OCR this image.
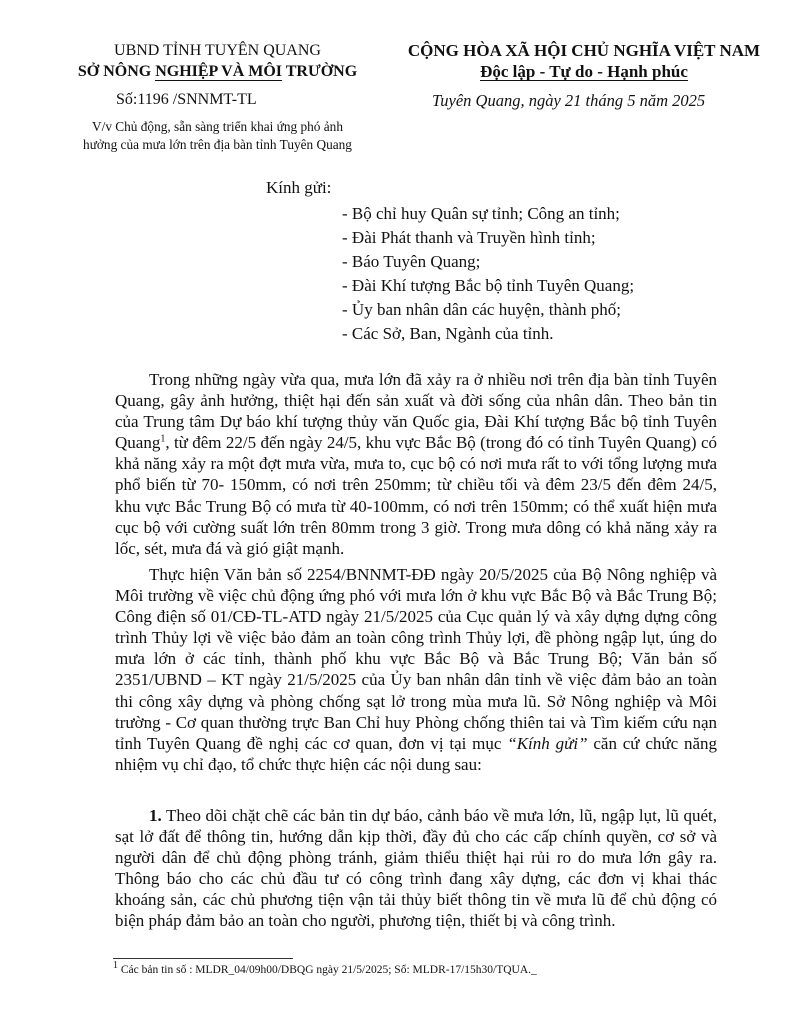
UBND TỈNH TUYÊN QUANG
SỞ NÔNG NGHIỆP VÀ MÔI TRƯỜNG
CỘNG HÒA XÃ HỘI CHỦ NGHĨA VIỆT NAM
Độc lập - Tự do - Hạnh phúc
Số:1196 /SNNMT-TL	Tuyên Quang, ngày 21 tháng 5 năm 2025
V/v Chủ động, sẵn sàng triển khai ứng phó ảnh
hưởng của mưa lớn trên địa bàn tỉnh Tuyên Quang
Kính gửi:
- Bộ chỉ huy Quân sự tỉnh; Công an tỉnh;
- Đài Phát thanh và Truyền hình tỉnh;
- Báo Tuyên Quang;
- Đài Khí tượng Bắc bộ tỉnh Tuyên Quang;
- Ủy ban nhân dân các huyện, thành phố;
- Các Sở, Ban, Ngành của tỉnh.

Trong những ngày vừa qua, mưa lớn đã xảy ra ở nhiều nơi trên địa bàn tỉnh Tuyên Quang, gây ảnh hưởng, thiệt hại đến sản xuất và đời sống của nhân dân. Theo bản tin của Trung tâm Dự báo khí tượng thủy văn Quốc gia, Đài Khí tượng Bắc bộ tỉnh Tuyên Quang$^1$, từ đêm 22/5 đến ngày 24/5, khu vực Bắc Bộ (trong đó có tỉnh Tuyên Quang) có khả năng xảy ra một đợt mưa vừa, mưa to, cục bộ có nơi mưa rất to với tổng lượng mưa phổ biến từ 70- 150mm, có nơi trên 250mm; từ chiều tối và đêm 23/5 đến đêm 24/5, khu vực Bắc Trung Bộ có mưa từ 40-100mm, có nơi trên 150mm; có thể xuất hiện mưa cục bộ với cường suất lớn trên 80mm trong 3 giờ. Trong mưa dông có khả năng xảy ra lốc, sét, mưa đá và gió giật mạnh.

Thực hiện Văn bản số 2254/BNNMT-ĐĐ ngày 20/5/2025 của Bộ Nông nghiệp và Môi trường về việc chủ động ứng phó với mưa lớn ở khu vực Bắc Bộ và Bắc Trung Bộ; Công điện số 01/CĐ-TL-ATD ngày 21/5/2025 của Cục quản lý và xây dựng dựng công trình Thủy lợi về việc bảo đảm an toàn công trình Thủy lợi, đề phòng ngập lụt, úng do mưa lớn ở các tỉnh, thành phố khu vực Bắc Bộ và Bắc Trung Bộ; Văn bản số 2351/UBND – KT ngày 21/5/2025 của Ủy ban nhân dân tỉnh về việc đảm bảo an toàn thi công xây dựng và phòng chống sạt lở trong mùa mưa lũ. Sở Nông nghiệp và Môi trường - Cơ quan thường trực Ban Chỉ huy Phòng chống thiên tai và Tìm kiếm cứu nạn tỉnh Tuyên Quang đề nghị các cơ quan, đơn vị tại mục “Kính gửi” căn cứ chức năng nhiệm vụ chỉ đạo, tổ chức thực hiện các nội dung sau:

1. Theo dõi chặt chẽ các bản tin dự báo, cảnh báo về mưa lớn, lũ, ngập lụt, lũ quét, sạt lở đất để thông tin, hướng dẫn kịp thời, đầy đủ cho các cấp chính quyền, cơ sở và người dân để chủ động phòng tránh, giảm thiểu thiệt hại rủi ro do mưa lớn gây ra. Thông báo cho các chủ đầu tư có công trình đang xây dựng, các đơn vị khai thác khoáng sản, các chủ phương tiện vận tải thủy biết thông tin về mưa lũ để chủ động có biện pháp đảm bảo an toàn cho người, phương tiện, thiết bị và công trình.

$^1$ Các bản tin số : MLDR_04/09h00/DBQG ngày 21/5/2025; Số: MLDR-17/15h30/TQUA._
